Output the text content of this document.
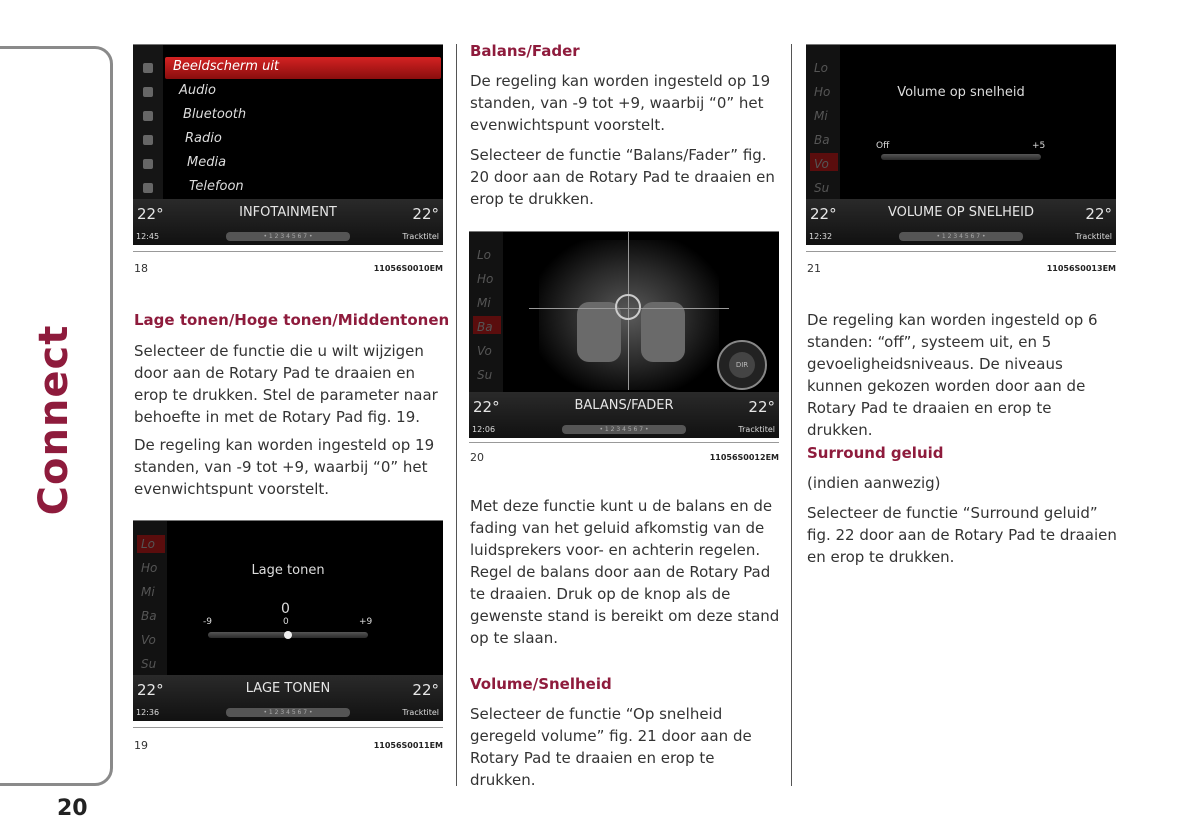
Connect
20
Beeldscherm uit
Audio
Bluetooth
Radio
Media
Telefoon
22°	INFOTAINMENT	22°
12:45	• 1 2 3 4 5 6 7 •	Tracktitel
18	11056S0010EM
Lage tonen/Hoge tonen/Middentonen

Selecteer de functie die u wilt wijzigen door aan de Rotary Pad te draaien en erop te drukken. Stel de parameter naar behoefte in met de Rotary Pad fig. 19.

De regeling kan worden ingesteld op 19 standen, van -9 tot +9, waarbij “0” het evenwichtspunt voorstelt.

Lo
Ho
Mi
Ba
Vo
Su
Lage tonen
0
-9	0	+9
22°	LAGE TONEN	22°
12:36	• 1 2 3 4 5 6 7 •	Tracktitel
19	11056S0011EM
Balans/Fader

De regeling kan worden ingesteld op 19 standen, van -9 tot +9, waarbij “0” het evenwichtspunt voorstelt.

Selecteer de functie “Balans/Fader” fig. 20 door aan de Rotary Pad te draaien en erop te drukken.

Lo
Ho
Mi
Ba
Vo
Su
DIR
22°	BALANS/FADER	22°
12:06	• 1 2 3 4 5 6 7 •	Tracktitel
20	11056S0012EM

Met deze functie kunt u de balans en de fading van het geluid afkomstig van de luidsprekers voor- en achterin regelen. Regel de balans door aan de Rotary Pad te draaien. Druk op de knop als de gewenste stand is bereikt om deze stand op te slaan.

Volume/Snelheid

Selecteer de functie “Op snelheid geregeld volume” fig. 21 door aan de Rotary Pad te draaien en erop te drukken.

Lo
Ho
Mi
Ba
Vo
Su
Volume op snelheid
Off	+5
22°	VOLUME OP SNELHEID	22°
12:32	• 1 2 3 4 5 6 7 •	Tracktitel
21	11056S0013EM

De regeling kan worden ingesteld op 6 standen: “off”, systeem uit, en 5 gevoeligheidsniveaus. De niveaus kunnen gekozen worden door aan de Rotary Pad te draaien en erop te drukken.

Surround geluid

(indien aanwezig)

Selecteer de functie “Surround geluid” fig. 22 door aan de Rotary Pad te draaien en erop te drukken.
